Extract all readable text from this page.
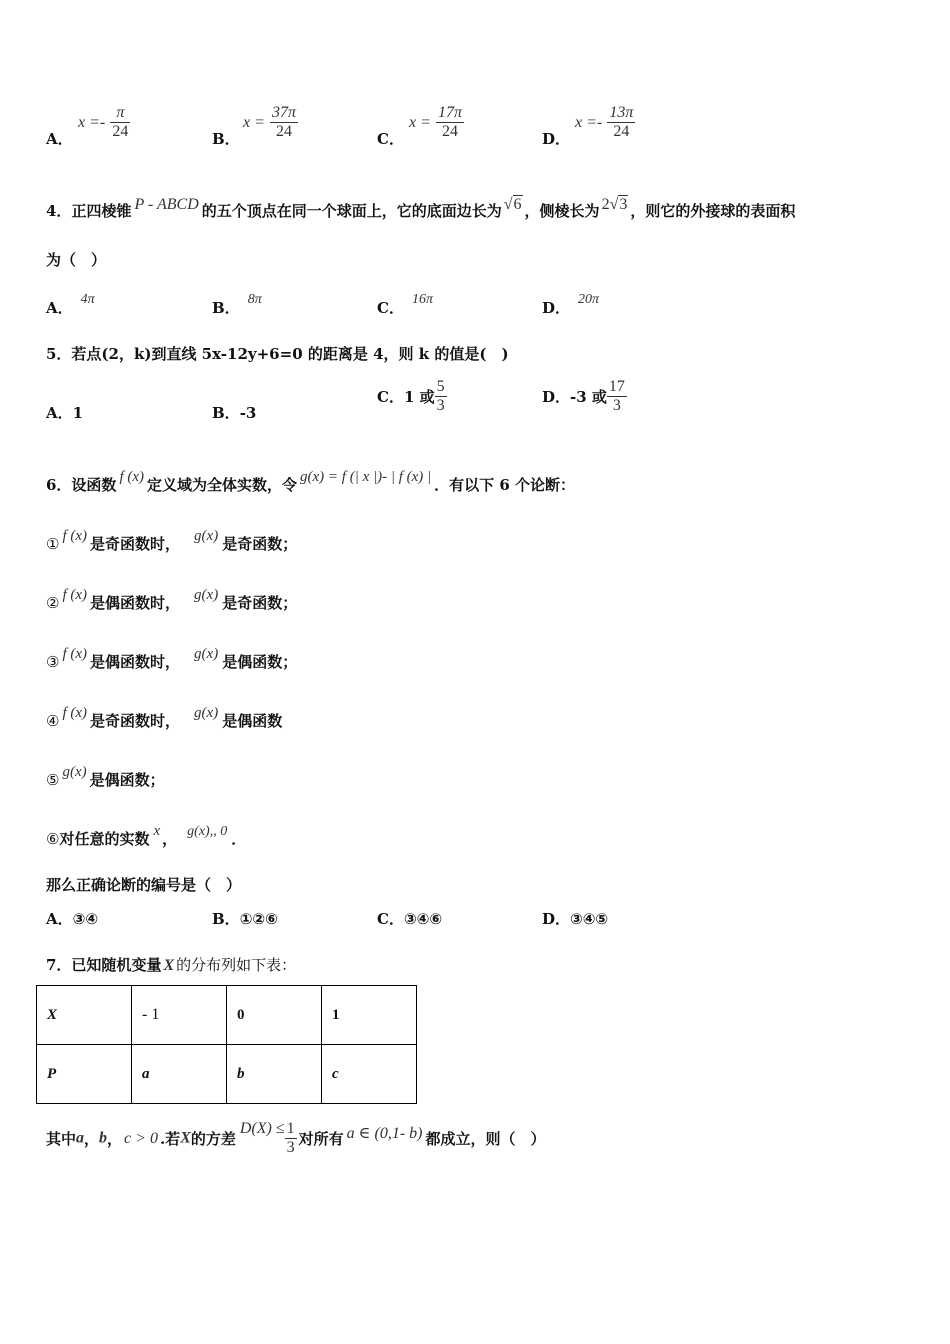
A．
$x =- \frac{\pi}{24}$	B．
$x = \frac{37\pi}{24}$	C．
$x = \frac{17\pi}{24}$	D．
$x =- \frac{13\pi}{24}$
4．正四棱锥 P - ABCD 的五个顶点在同一个球面上，它的底面边长为 √6 ，侧棱长为 2√3 ，则它的外接球的表面积
为（　）
A． 4π	B． 8π	C． 16π	D． 20π
5．若点(2，k)到直线 5x-12y+6=0 的距离是 4，则 k 的值是(　)
A．1	B．-3
C．1 或 $\frac{5}{3}$	D．-3 或 $\frac{17}{3}$
6．设函数 f (x) 定义域为全体实数，令 g(x) = f (| x |)- | f (x) | ．有以下 6 个论断：
① f (x) 是奇函数时， g(x) 是奇函数；
② f (x) 是偶函数时， g(x) 是奇函数；
③ f (x) 是偶函数时， g(x) 是偶函数；
④ f (x) 是奇函数时， g(x) 是偶函数
⑤ g(x) 是偶函数；
⑥对任意的实数 x ， g(x),, 0 ．
那么正确论断的编号是（　）
A．③④	B．①②⑥	C．③④⑥	D．③④⑤
7．已知随机变量 X 的分布列如下表：
X	- 1	0	1
P	a	b	c
其中a，b， c > 0 .若X的方差$D(X) \le \frac{1}{3}$ 对所有 a ∈ (0,1- b) 都成立，则（　）
